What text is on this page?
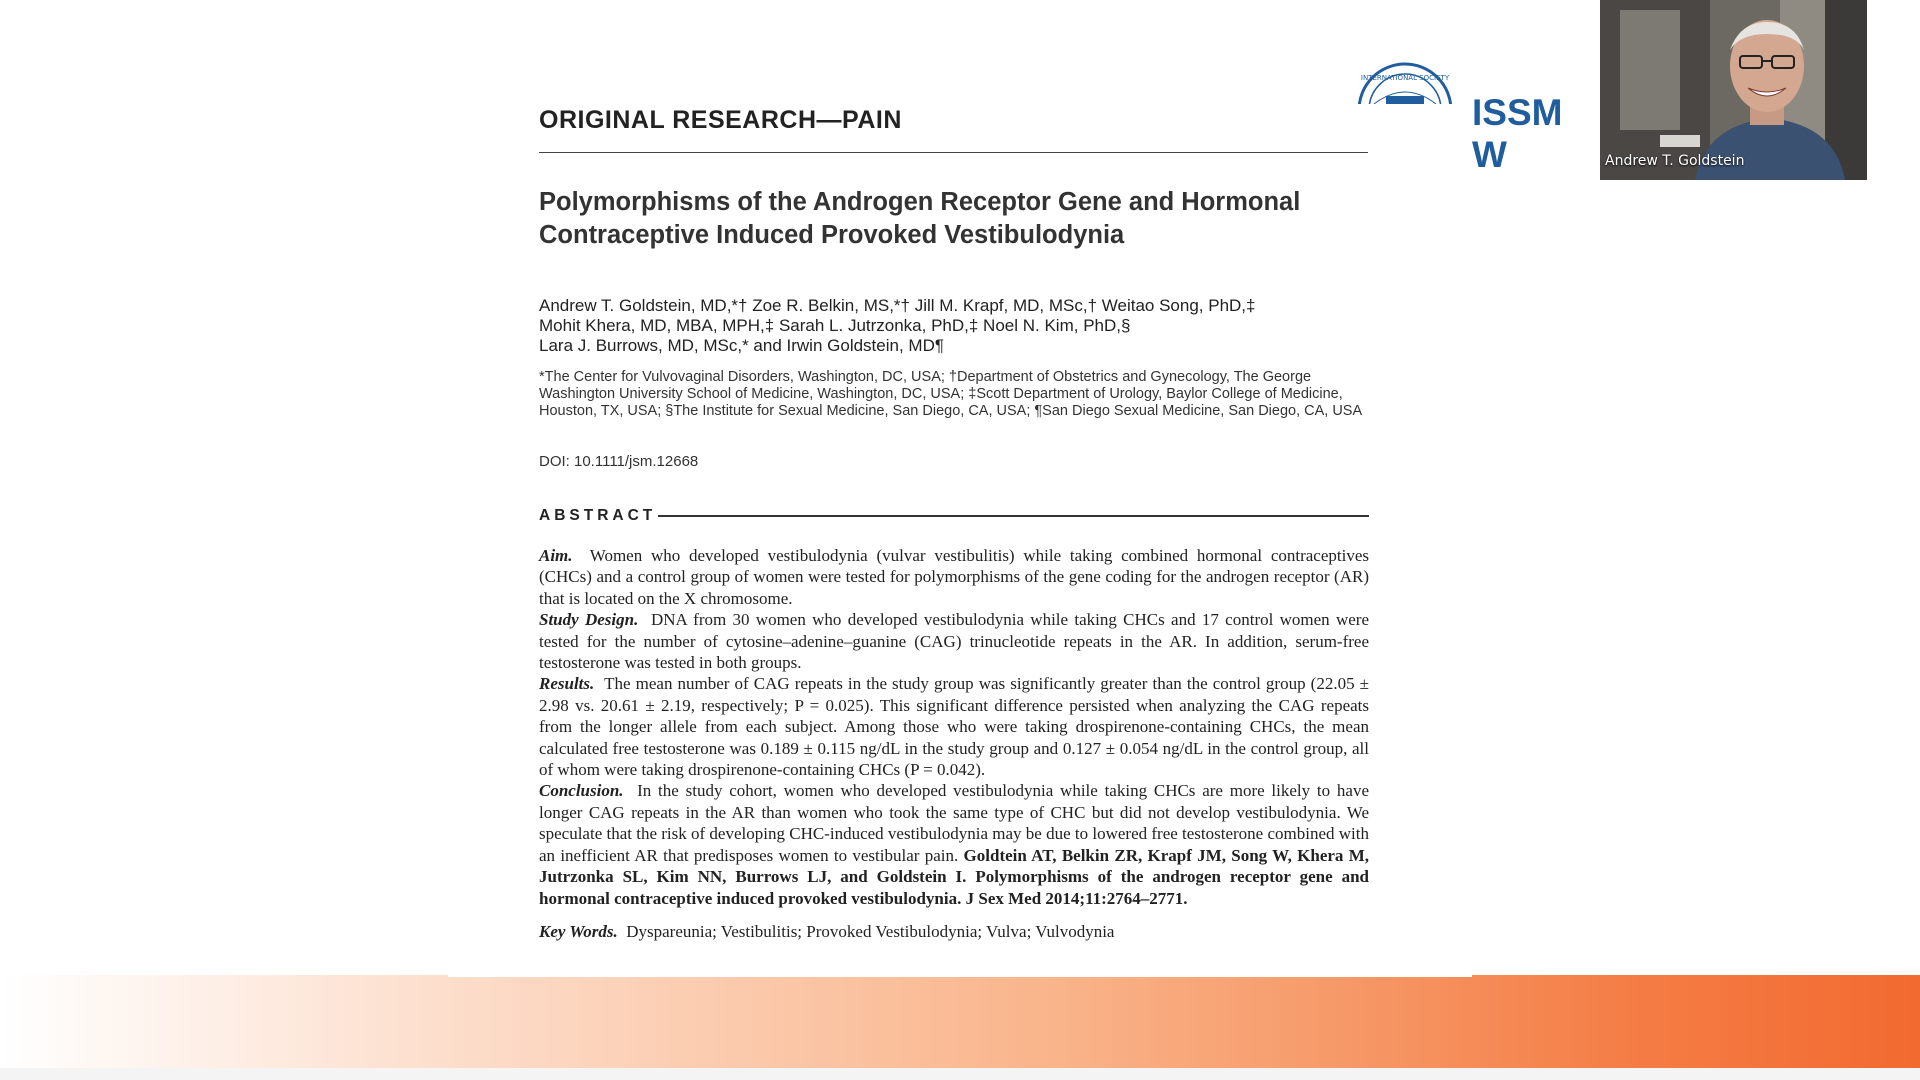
ORIGINAL RESEARCH—PAIN
Polymorphisms of the Androgen Receptor Gene and Hormonal
Contraceptive Induced Provoked Vestibulodynia
Andrew T. Goldstein, MD,*† Zoe R. Belkin, MS,*† Jill M. Krapf, MD, MSc,† Weitao Song, PhD,‡
Mohit Khera, MD, MBA, MPH,‡ Sarah L. Jutrzonka, PhD,‡ Noel N. Kim, PhD,§
Lara J. Burrows, MD, MSc,* and Irwin Goldstein, MD¶
*The Center for Vulvovaginal Disorders, Washington, DC, USA; †Department of Obstetrics and Gynecology, The George Washington University School of Medicine, Washington, DC, USA; ‡Scott Department of Urology, Baylor College of Medicine, Houston, TX, USA; §The Institute for Sexual Medicine, San Diego, CA, USA; ¶San Diego Sexual Medicine, San Diego, CA, USA
DOI: 10.1111/jsm.12668
ABSTRACT

Aim. Women who developed vestibulodynia (vulvar vestibulitis) while taking combined hormonal contraceptives (CHCs) and a control group of women were tested for polymorphisms of the gene coding for the androgen receptor (AR) that is located on the X chromosome.

Study Design. DNA from 30 women who developed vestibulodynia while taking CHCs and 17 control women were tested for the number of cytosine–adenine–guanine (CAG) trinucleotide repeats in the AR. In addition, serum-free testosterone was tested in both groups.

Results. The mean number of CAG repeats in the study group was significantly greater than the control group (22.05 ± 2.98 vs. 20.61 ± 2.19, respectively; P = 0.025). This significant difference persisted when analyzing the CAG repeats from the longer allele from each subject. Among those who were taking drospirenone-containing CHCs, the mean calculated free testosterone was 0.189 ± 0.115 ng/dL in the study group and 0.127 ± 0.054 ng/dL in the control group, all of whom were taking drospirenone-containing CHCs (P = 0.042).

Conclusion. In the study cohort, women who developed vestibulodynia while taking CHCs are more likely to have longer CAG repeats in the AR than women who took the same type of CHC but did not develop vestibulodynia. We speculate that the risk of developing CHC-induced vestibulodynia may be due to lowered free testosterone combined with an inefficient AR that predisposes women to vestibular pain. Goldtein AT, Belkin ZR, Krapf JM, Song W, Khera M, Jutrzonka SL, Kim NN, Burrows LJ, and Goldstein I. Polymorphisms of the androgen receptor gene and hormonal contraceptive induced provoked vestibulodynia. J Sex Med 2014;11:2764–2771.

Key Words. Dyspareunia; Vestibulitis; Provoked Vestibulodynia; Vulva; Vulvodynia
INTERNATIONAL SOCIETY
ISSM W	Andrew T. Goldstein
